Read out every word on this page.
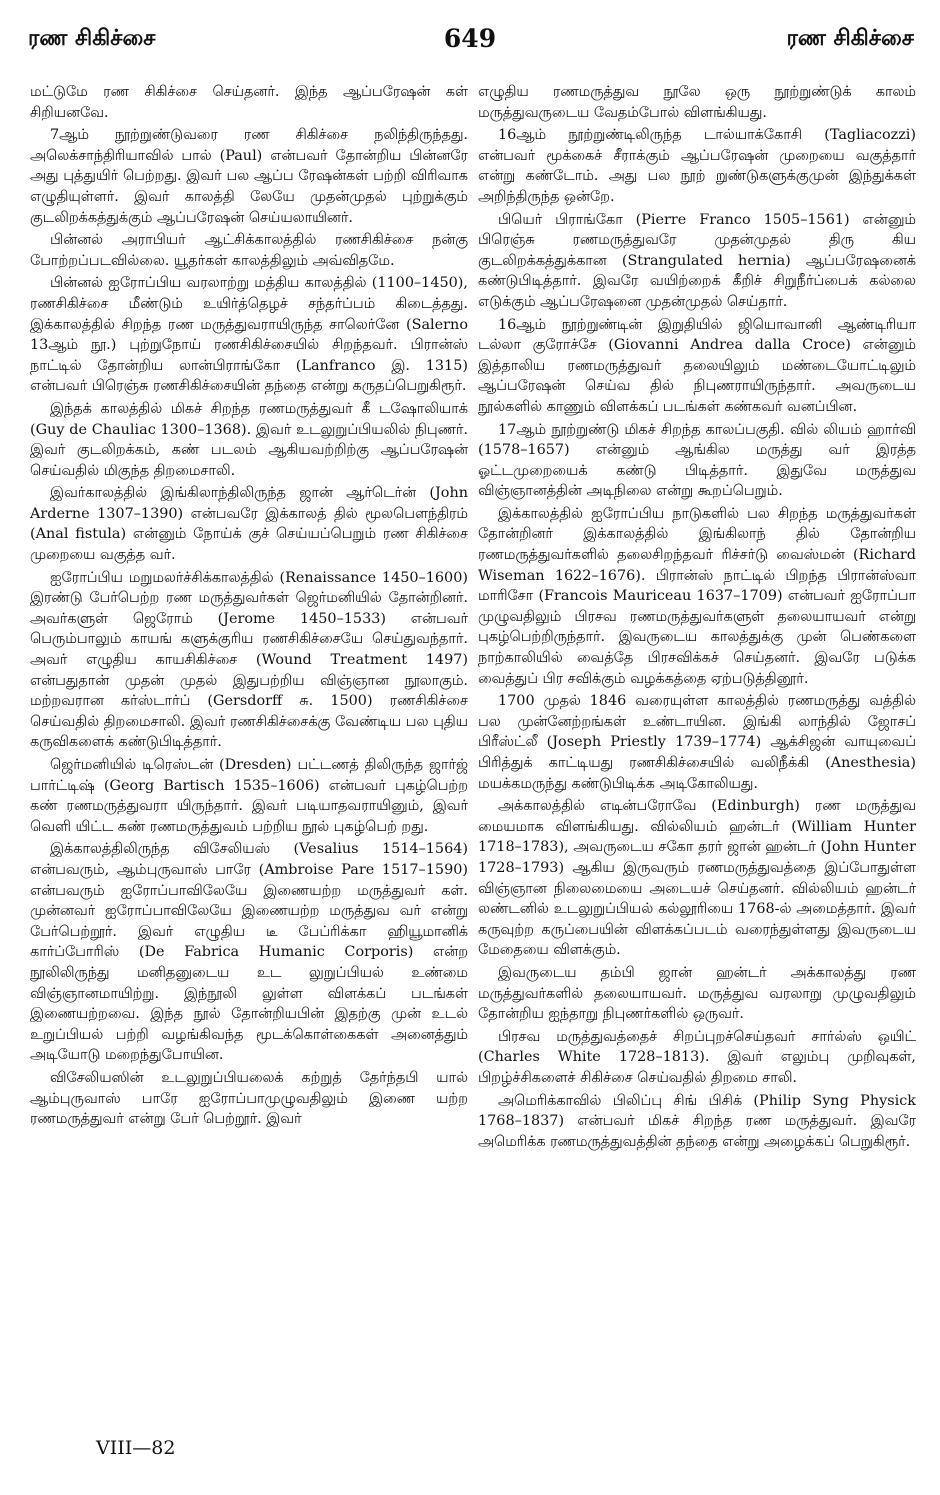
ரண சிகிச்சை	649	ரண சிகிச்சை

மட்டுமே ரண சிகிச்சை செய்தனர். இந்த ஆப்பரேஷன் கள் சிறியனவே.

7ஆம் நூற்றுண்டுவரை ரண சிகிச்சை நலிந்திருந்தது. அலெக்சாந்திரியாவில் பால் (Paul) என்பவர் தோன்றிய பின்னரே அது புத்துயிர் பெற்றது. இவர் பல ஆப்ப ரேஷன்கள் பற்றி விரிவாக எழுதியுள்ளர். இவர் காலத்தி லேயே முதன்முதல் புற்றுக்கும் குடலிறக்கத்துக்கும் ஆப்பரேஷன் செய்யலாயினர்.

பின்னல் அராபியர் ஆட்சிக்காலத்தில் ரணசிகிச்சை நன்கு போற்றப்படவில்லை. யூதர்கள் காலத்திலும் அவ்விதமே.

பின்னல் ஐரோப்பிய வரலாற்று மத்திய காலத்தில் (1100–1450), ரணசிகிச்சை மீண்டும் உயிர்த்தெழச் சந்தர்ப்பம் கிடைத்தது. இக்காலத்தில் சிறந்த ரண மருத்துவராயிருந்த சாலெர்னே (Salerno 13ஆம் நூ.) புற்றுநோய் ரணசிகிச்சையில் சிறந்தவர். பிரான்ஸ் நாட்டில் தோன்றிய லான்பிராங்கோ (Lanfranco இ. 1315) என்பவர் பிரெஞ்சு ரணசிகிச்சையின் தந்தை என்று கருதப்பெறுகிரூர்.

இந்தக் காலத்தில் மிகச் சிறந்த ரணமருத்துவர் கீ டஷோலியாக் (Guy de Chauliac 1300–1368). இவர் உடலுறுப்பியலில் நிபுணர். இவர் குடலிறக்கம், கண் படலம் ஆகியவற்றிற்கு ஆப்பரேஷன் செய்வதில் மிகுந்த திறமைசாலி.

இவர்காலத்தில் இங்கிலாந்திலிருந்த ஜான் ஆர்டெர்ன் (John Arderne 1307–1390) என்பவரே இக்காலத் தில் மூலபௌந்திரம் (Anal fistula) என்னும் நோய்க் குச் செய்யப்பெறும் ரண சிகிச்சை முறையை வகுத்த வர்.

ஐரோப்பிய மறுமலர்ச்சிக்காலத்தில் (Renaissance 1450–1600) இரண்டு பேர்பெற்ற ரண மருத்துவர்கள் ஜெர்மனியில் தோன்றினர். அவர்களுள் ஜெரோம் (Jerome 1450–1533) என்பவர் பெரும்பாலும் காயங் களுக்குரிய ரணசிகிச்சையே செய்துவந்தார். அவர் எழுதிய காயசிகிச்சை (Wound Treatment 1497) என்பதுதான் முதன் முதல் இதுபற்றிய விஞ்ஞான நூலாகும். மற்றவரான கர்ஸ்டார்ப் (Gersdorff சு. 1500) ரணசிகிச்சை செய்வதில் திறமைசாலி. இவர் ரணசிகிச்சைக்கு வேண்டிய பல புதிய கருவிகளைக் கண்டுபிடித்தார்.

ஜெர்மனியில் டிரெஸ்டன் (Dresden) பட்டணத் திலிருந்த ஜார்ஜ் பார்ட்டிஷ் (Georg Bartisch 1535–1606) என்பவர் புகழ்பெற்ற கண் ரணமருத்துவரா யிருந்தார். இவர் படியாதவராயினும், இவர் வெளி யிட்ட கண் ரணமருத்துவம் பற்றிய நூல் புகழ்பெற் றது.

இக்காலத்திலிருந்த விசேலியஸ் (Vesalius 1514–1564) என்பவரும், ஆம்புருவாஸ் பாரே (Ambroise Pare 1517–1590) என்பவரும் ஐரோப்பாவிலேயே இணையற்ற மருத்துவர் கள். முன்னவர் ஐரோப்பாவிலேயே இணையற்ற மருத்துவ வர் என்று பேர்பெற்றூர். இவர் எழுதிய டீ பேப்ரிக்கா ஹியூமானிக் கார்ப்போரிஸ் (De Fabrica Humanic Corporis) என்ற நூலிலிருந்து மனிதனுடைய உட லுறுப்பியல் உண்மை விஞ்ஞானமாயிற்று. இந்நூலி லுள்ள விளக்கப் படங்கள் இணையற்றவை. இந்த நூல் தோன்றியபின் இதற்கு முன் உடல் உறுப்பியல் பற்றி வழங்கிவந்த மூடக்கொள்கைகள் அனைத்தும் அடியோடு மறைந்துபோயின.

விசேலியஸின் உடலுறுப்பியலைக் கற்றுத் தேர்ந்தபி யால் ஆம்புருவாஸ் பாரே ஐரோப்பாமுழுவதிலும் இணை யற்ற ரணமருத்துவர் என்று பேர் பெற்றூர். இவர்

எழுதிய ரணமருத்துவ நூலே ஒரு நூற்றுண்டுக் காலம் மருத்துவருடைய வேதம்போல் விளங்கியது.

16ஆம் நூற்றுண்டிலிருந்த டால்யாக்கோசி (Tagliacozzi) என்பவர் மூக்கைச் சீராக்கும் ஆப்பரேஷன் முறையை வகுத்தார் என்று கண்டோம். அது பல நூற் றுண்டுகளுக்குமுன் இந்துக்கள் அறிந்திருந்த ஒன்றே.

பியெர் பிராங்கோ (Pierre Franco 1505–1561) என்னும் பிரெஞ்சு ரணமருத்துவரே முதன்முதல் திரு கிய குடலிறக்கத்துக்கான (Strangulated hernia) ஆப்பரேஷனைக் கண்டுபிடித்தார். இவரே வயிற்றைக் கீறிச் சிறுநீர்ப்பைக் கல்லை எடுக்கும் ஆப்பரேஷனை முதன்முதல் செய்தார்.

16ஆம் நூற்றுண்டின் இறுதியில் ஜியொவானி ஆண்டிரியா டல்லா குரோச்சே (Giovanni Andrea dalla Croce) என்னும் இத்தாலிய ரணமருத்துவர் தலையிலும் மண்டையோட்டிலும் ஆப்பரேஷன் செய்வ தில் நிபுணராயிருந்தார். அவருடைய நூல்களில் காணும் விளக்கப் படங்கள் கண்கவர் வனப்பின.

17ஆம் நூற்றுண்டு மிகச் சிறந்த காலப்பகுதி. வில் லியம் ஹார்வி (1578–1657) என்னும் ஆங்கில மருத்து வர் இரத்த ஓட்டமுறையைக் கண்டு பிடித்தார். இதுவே மருத்துவ விஞ்ஞானத்தின் அடிநிலை என்று கூறப்பெறும்.

இக்காலத்தில் ஐரோப்பிய நாடுகளில் பல சிறந்த மருத்துவர்கள் தோன்றினர் இக்காலத்தில் இங்கிலாந் தில் தோன்றிய ரணமருத்துவர்களில் தலைசிறந்தவர் ரிச்சர்டு வைஸ்மன் (Richard Wiseman 1622–1676). பிரான்ஸ் நாட்டில் பிறந்த பிரான்ஸ்வா மாரிசோ (Francois Mauriceau 1637–1709) என்பவர் ஐரோப்பா முழுவதிலும் பிரசவ ரணமருத்துவர்களுள் தலையாயவர் என்று புகழ்பெற்றிருந்தார். இவருடைய காலத்துக்கு முன் பெண்களை நாற்காலியில் வைத்தே பிரசவிக்கச் செய்தனர். இவரே படுக்க வைத்துப் பிர சவிக்கும் வழக்கத்தை ஏற்படுத்தினூர்.

1700 முதல் 1846 வரையுள்ள காலத்தில் ரணமருத்து வத்தில் பல முன்னேற்றங்கள் உண்டாயின. இங்கி லாந்தில் ஜோசப் பிரீஸ்ட்லீ (Joseph Priestly 1739–1774) ஆக்சிஜன் வாயுவைப் பிரித்துக் காட்டியது ரணசிகிச்சையில் வலிநீக்கி (Anesthesia) மயக்கமருந்து கண்டுபிடிக்க அடிகோலியது.

அக்காலத்தில் எடின்பரோவே (Edinburgh) ரண மருத்துவ மையமாக விளங்கியது. வில்லியம் ஹன்டர் (William Hunter 1718–1783), அவருடைய சகோ தரர் ஜான் ஹன்டர் (John Hunter 1728–1793) ஆகிய இருவரும் ரணமருத்துவத்தை இப்போதுள்ள விஞ்ஞான நிலைமையை அடையச் செய்தனர். வில்லியம் ஹன்டர் லண்டனில் உடலுறுப்பியல் கல்லூரியை 1768-ல் அமைத்தார். இவர் கருவுற்ற கருப்பையின் விளக்கப்படம் வரைந்துள்ளது இவருடைய மேதையை விளக்கும்.

இவருடைய தம்பி ஜான் ஹன்டர் அக்காலத்து ரண மருத்துவர்களில் தலையாயவர். மருத்துவ வரலாறு முழுவதிலும் தோன்றிய ஐந்தாறு நிபுணர்களில் ஒருவர்.

பிரசவ மருத்துவத்தைச் சிறப்புறச்செய்தவர் சார்ல்ஸ் ஒயிட் (Charles White 1728–1813). இவர் எலும்பு முறிவுகள், பிறழ்ச்சிகளைச் சிகிச்சை செய்வதில் திறமை சாலி.

அமெரிக்காவில் பிலிப்பு சிங் பிசிக் (Philip Syng Physick 1768–1837) என்பவர் மிகச் சிறந்த ரண மருத்துவர். இவரே அமெரிக்க ரணமருத்துவத்தின் தந்தை என்று அழைக்கப் பெறுகிரூர்.

VIII—82
